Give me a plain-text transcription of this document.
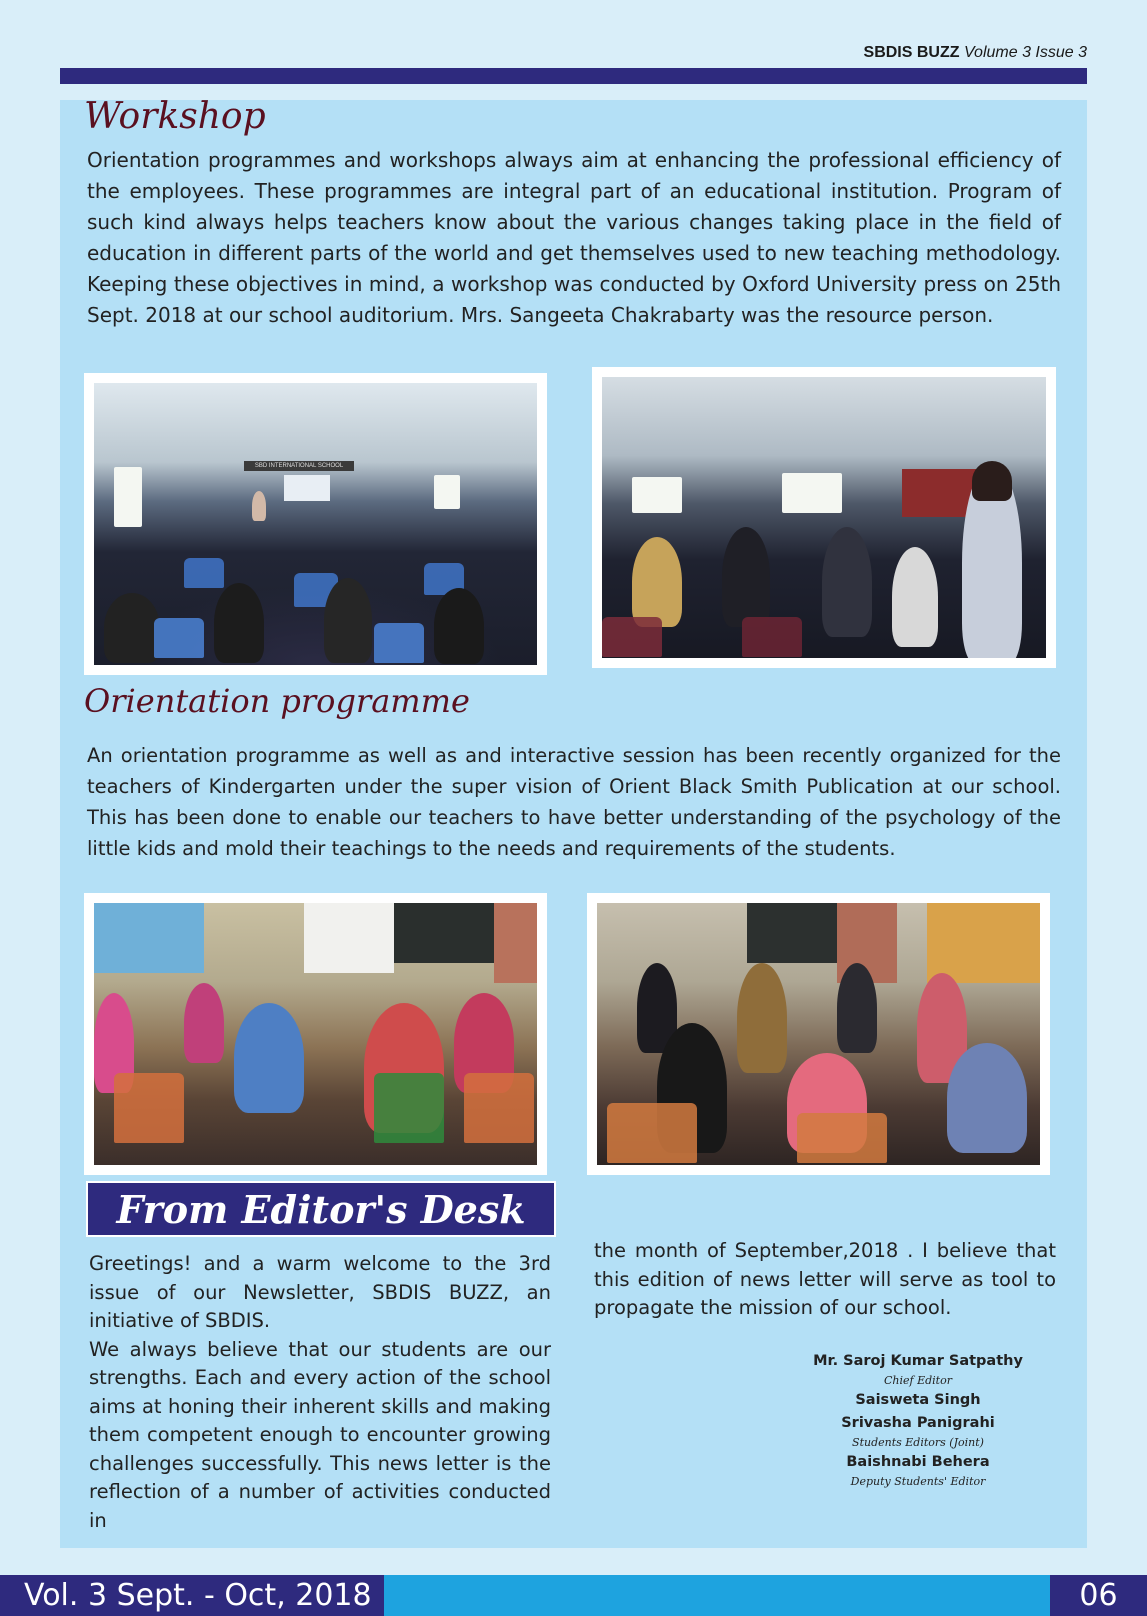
SBDIS BUZZ Volume 3 Issue 3
Workshop
Orientation programmes and workshops always aim at enhancing the professional efficiency of the employees. These programmes are integral part of an educational institution. Program of such kind always helps teachers know about the various changes taking place in the field of education in different parts of the world and get themselves used to new teaching methodology. Keeping these objectives in mind, a workshop was conducted by Oxford University press on 25th Sept. 2018 at our school auditorium. Mrs. Sangeeta Chakrabarty was the resource person.
SBD INTERNATIONAL SCHOOL
Orientation programme
An orientation programme as well as and interactive session has been recently organized for the teachers of Kindergarten under the super vision of Orient Black Smith Publication at our school. This has been done to enable our teachers to have better understanding of the psychology of the little kids and mold their teachings to the needs and requirements of the students.
From Editor's Desk

Greetings! and a warm welcome to the 3rd issue of our Newsletter, SBDIS BUZZ, an initiative of SBDIS.

We always believe that our students are our strengths. Each and every action of the school aims at honing their inherent skills and making them competent enough to encounter growing challenges successfully. This news letter is the reflection of a number of activities conducted in

the month of September,2018 . I believe that this edition of news letter will serve as tool to propagate the mission of our school.

Mr. Saroj Kumar Satpathy
Chief Editor
Saisweta Singh
Srivasha Panigrahi
Students Editors (Joint)
Baishnabi Behera
Deputy Students' Editor
Vol. 3 Sept. - Oct, 2018	06
